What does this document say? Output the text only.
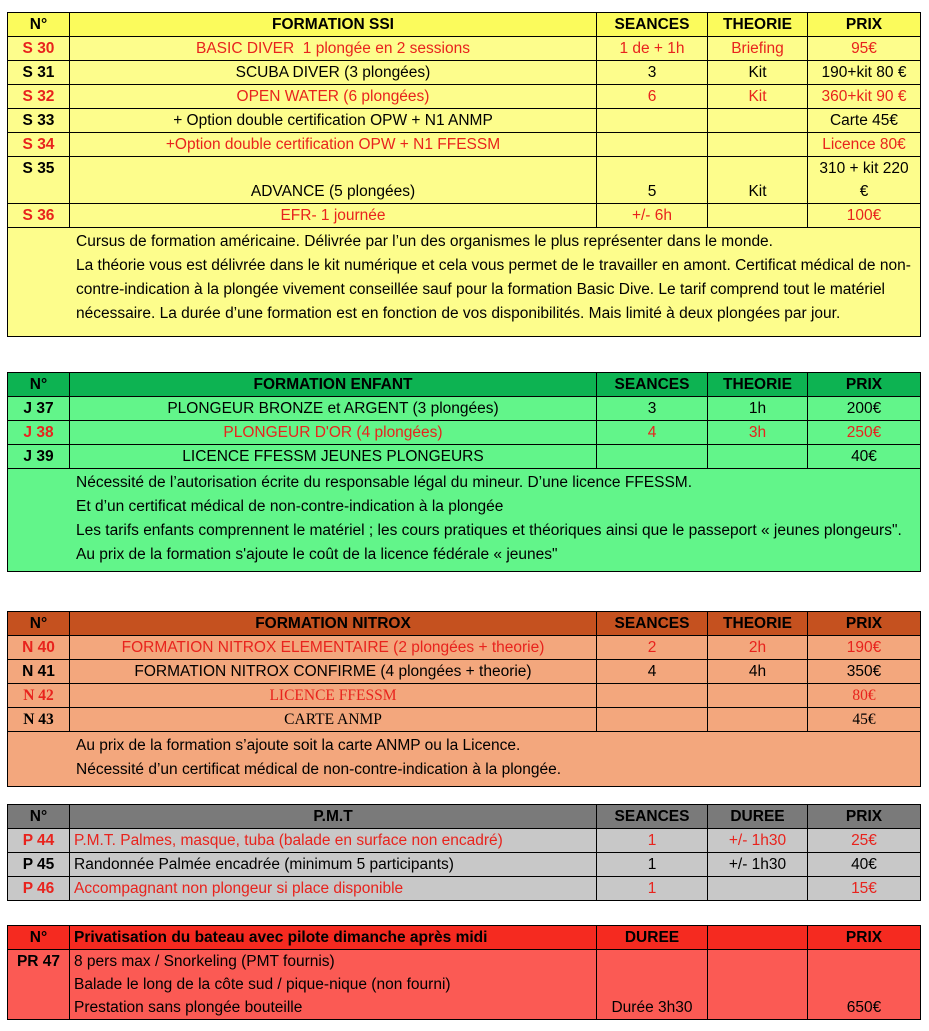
N°	FORMATION SSI	SEANCES	THEORIE	PRIX
S 30	BASIC DIVER  1 plongée en 2 sessions	1 de + 1h	Briefing	95€
S 31	SCUBA DIVER (3 plongées)	3	Kit	190+kit 80 €
S 32	OPEN WATER (6 plongées)	6	Kit	360+kit 90 €
S 33	+ Option double certification OPW + N1 ANMP			Carte 45€
S 34	+Option double certification OPW + N1 FFESSM			Licence 80€
S 35	ADVANCE (5 plongées)	5	Kit	310 + kit 220
€

S 36	EFR- 1 journée	+/- 6h		100€

Cursus de formation américaine. Délivrée par l’un des organismes le plus représenter dans le monde.
La théorie vous est délivrée dans le kit numérique et cela vous permet de le travailler en amont. Certificat médical de non-contre-indication à la plongée vivement conseillée sauf pour la formation Basic Dive. Le tarif comprend tout le matériel nécessaire. La durée d’une formation est en fonction de vos disponibilités. Mais limité à deux plongées par jour.				
N°	FORMATION ENFANT	SEANCES	THEORIE	PRIX
J 37	PLONGEUR BRONZE et ARGENT (3 plongées)	3	1h	200€
J 38	PLONGEUR D'OR (4 plongées)	4	3h	250€
J 39	LICENCE FFESSM JEUNES PLONGEURS			40€

Nécessité de l’autorisation écrite du responsable légal du mineur. D’une licence FFESSM.
Et d’un certificat médical de non-contre-indication à la plongée
Les tarifs enfants comprennent le matériel ; les cours pratiques et théoriques ainsi que le passeport « jeunes plongeurs".
Au prix de la formation s'ajoute le coût de la licence fédérale « jeunes"				
N°	FORMATION NITROX	SEANCES	THEORIE	PRIX
N 40	FORMATION NITROX ELEMENTAIRE (2 plongées + theorie)	2	2h	190€
N 41	FORMATION NITROX CONFIRME (4 plongées + theorie)	4	4h	350€
N 42	LICENCE FFESSM			80€
N 43	CARTE ANMP			45€

Au prix de la formation s’ajoute soit la carte ANMP ou la Licence.
Nécessité d’un certificat médical de non-contre-indication à la plongée.				
N°	P.M.T	SEANCES	DUREE	PRIX
P 44	P.M.T. Palmes, masque, tuba (balade en surface non encadré)	1	+/- 1h30	25€
P 45	Randonnée Palmée encadrée (minimum 5 participants)	1	+/- 1h30	40€
P 46	Accompagnant non plongeur si place disponible	1		15€
N°	Privatisation du bateau avec pilote dimanche après midi	DUREE		PRIX
PR 47	8 pers max / Snorkeling (PMT fournis)
Balade le long de la côte sud / pique-nique (non fourni)
Prestation sans plongée bouteille	Durée 3h30		650€
